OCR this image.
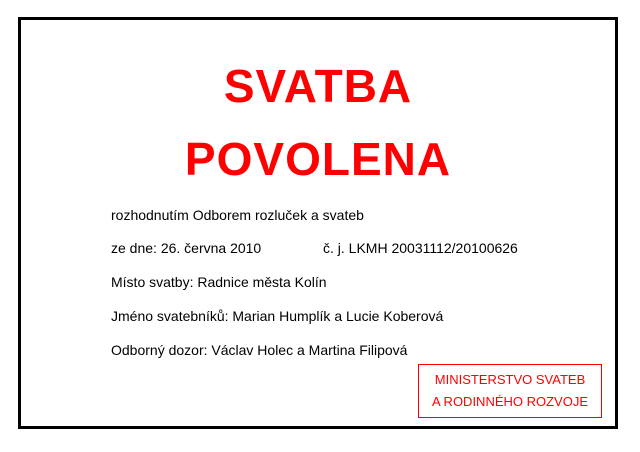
SVATBA
POVOLENA
rozhodnutím Odborem rozluček a svateb
ze dne: 26. června 2010	č. j. LKMH 20031112/20100626
Místo svatby: Radnice města Kolín
Jméno svatebníků: Marian Humplík a Lucie Koberová
Odborný dozor: Václav Holec a Martina Filipová
MINISTERSTVO SVATEB
A RODINNÉHO ROZVOJE
